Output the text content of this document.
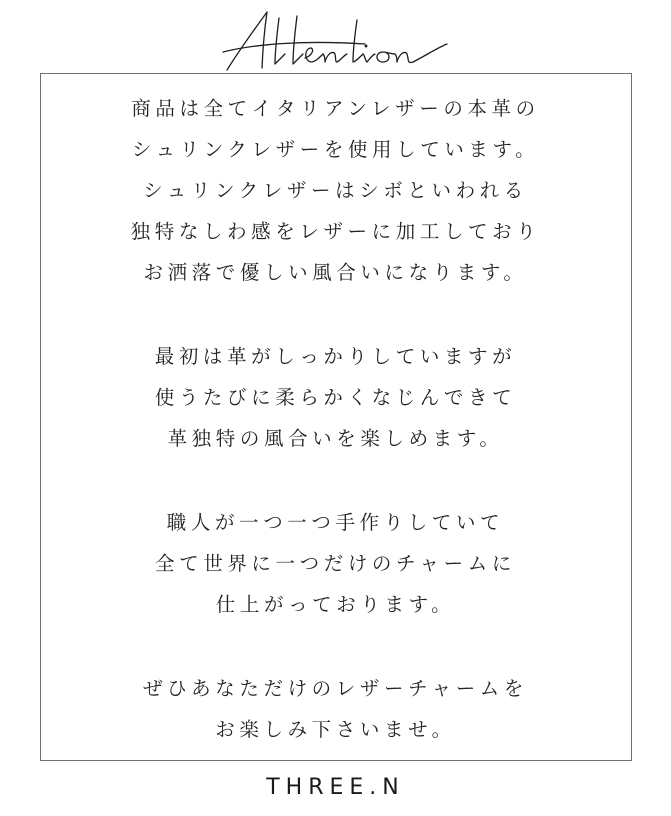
商品は全てイタリアンレザーの本革の
シュリンクレザーを使用しています。
シュリンクレザーはシボといわれる
独特なしわ感をレザーに加工しており
お洒落で優しい風合いになります。
最初は革がしっかりしていますが
使うたびに柔らかくなじんできて
革独特の風合いを楽しめます。
職人が一つ一つ手作りしていて
全て世界に一つだけのチャームに
仕上がっております。
ぜひあなただけのレザーチャームを
お楽しみ下さいませ。
THREE.N
